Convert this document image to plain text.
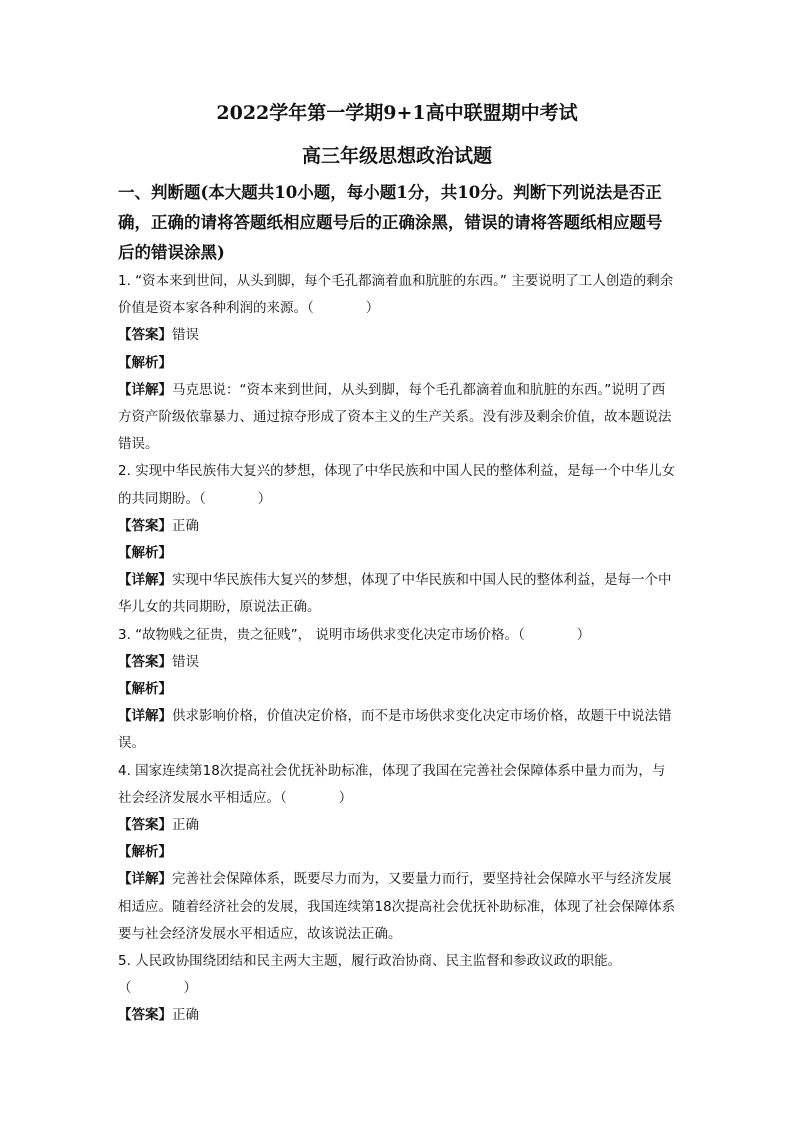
2022学年第一学期9+1高中联盟期中考试
高三年级思想政治试题

一、判断题(本大题共10小题，每小题1分，共10分。判断下列说法是否正确，正确的请将答题纸相应题号后的正确涂黑，错误的请将答题纸相应题号后的错误涂黑)

1. “资本来到世间，从头到脚，每个毛孔都滴着血和肮脏的东西。” 主要说明了工人创造的剩余价值是资本家各种利润的来源。（	）

【答案】错误

【解析】

【详解】马克思说：“资本来到世间，从头到脚，每个毛孔都滴着血和肮脏的东西。”说明了西方资产阶级依靠暴力、通过掠夺形成了资本主义的生产关系。没有涉及剩余价值，故本题说法错误。

2. 实现中华民族伟大复兴的梦想，体现了中华民族和中国人民的整体利益，是每一个中华儿女的共同期盼。（	）

【答案】正确

【解析】

【详解】实现中华民族伟大复兴的梦想，体现了中华民族和中国人民的整体利益，是每一个中华儿女的共同期盼，原说法正确。

3. “故物贱之征贵，贵之征贱”， 说明市场供求变化决定市场价格。（	）

【答案】错误

【解析】

【详解】供求影响价格，价值决定价格，而不是市场供求变化决定市场价格，故题干中说法错误。

4. 国家连续第18次提高社会优抚补助标准，体现了我国在完善社会保障体系中量力而为，与社会经济发展水平相适应。（	）

【答案】正确

【解析】

【详解】完善社会保障体系，既要尽力而为，又要量力而行，要坚持社会保障水平与经济发展相适应。随着经济社会的发展，我国连续第18次提高社会优抚补助标准，体现了社会保障体系要与社会经济发展水平相适应，故该说法正确。

5. 人民政协围绕团结和民主两大主题，履行政治协商、民主监督和参政议政的职能。

（	）

【答案】正确
